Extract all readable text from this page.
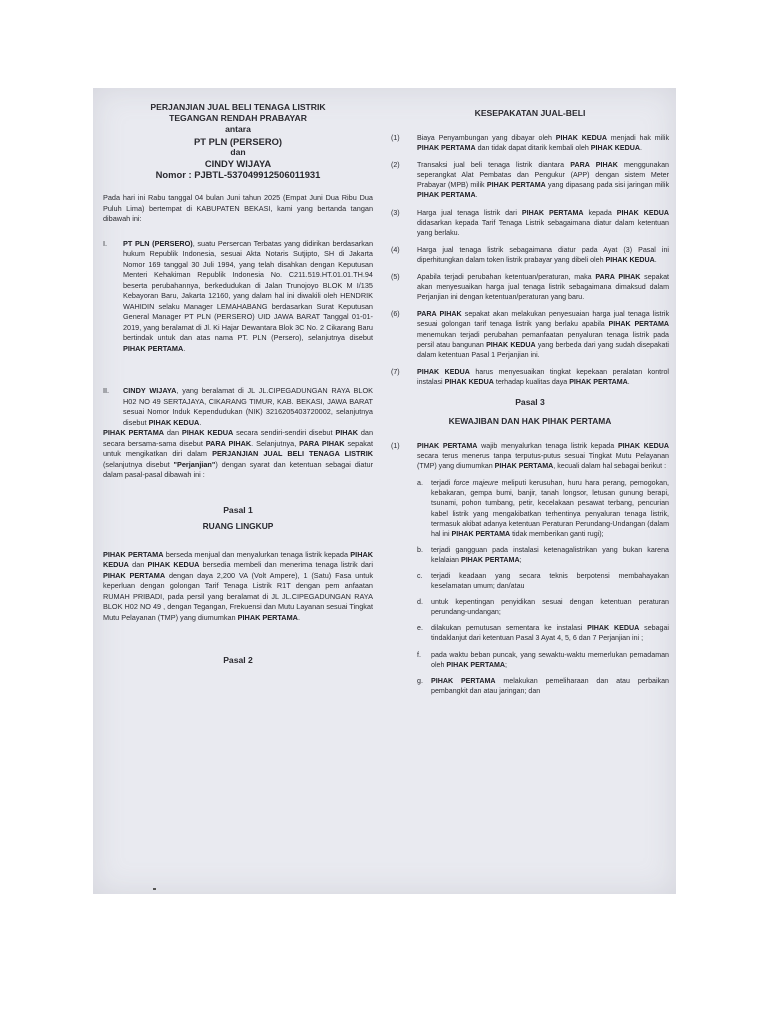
PERJANJIAN JUAL BELI TENAGA LISTRIK
TEGANGAN RENDAH PRABAYAR
antara
PT PLN (PERSERO)
dan
CINDY WIJAYA
Nomor : PJBTL-537049912506011931

Pada hari ini Rabu tanggal 04 bulan Juni tahun 2025 (Empat Juni Dua Ribu Dua Puluh Lima) bertempat di KABUPATEN BEKASI, kami yang bertanda tangan dibawah ini:

I.	PT PLN (PERSERO), suatu Persercan Terbatas yang didirikan berdasarkan hukum Republik Indonesia, sesuai Akta Notaris Sutjipto, SH di Jakarta Nomor 169 tanggal 30 Juli 1994, yang telah disahkan dengan Keputusan Menteri Kehakiman Republik Indonesia No. C211.519.HT.01.01.TH.94 beserta perubahannya, berkedudukan di Jalan Trunojoyo BLOK M I/135 Kebayoran Baru, Jakarta 12160, yang dalam hal ini diwakili oleh HENDRIK WAHIDIN selaku Manager LEMAHABANG berdasarkan Surat Keputusan General Manager PT PLN (PERSERO) UID JAWA BARAT Tanggal 01-01-2019, yang beralamat di Jl. Ki Hajar Dewantara Blok 3C No. 2 Cikarang Baru bertindak untuk dan atas nama PT. PLN (Persero), selanjutnya disebut PIHAK PERTAMA.
II.	CINDY WIJAYA, yang beralamat di JL JL.CIPEGADUNGAN RAYA BLOK H02 NO 49 SERTAJAYA, CIKARANG TIMUR, KAB. BEKASI, JAWA BARAT sesuai Nomor Induk Kependudukan (NIK) 3216205403720002, selanjutnya disebut PIHAK KEDUA.

PIHAK PERTAMA dan PIHAK KEDUA secara sendiri-sendiri disebut PIHAK dan secara bersama-sama disebut PARA PIHAK. Selanjutnya, PARA PIHAK sepakat untuk mengikatkan diri dalam PERJANJIAN JUAL BELI TENAGA LISTRIK (selanjutnya disebut "Perjanjian") dengan syarat dan ketentuan sebagai diatur dalam pasal-pasal dibawah ini :

Pasal 1
RUANG LINGKUP

PIHAK PERTAMA berseda menjual dan menyalurkan tenaga listrik kepada PIHAK KEDUA dan PIHAK KEDUA bersedia membeli dan menerima tenaga listrik dari PIHAK PERTAMA dengan daya 2,200 VA (Volt Ampere), 1 (Satu) Fasa untuk keperluan dengan golongan Tarif Tenaga Listrik R1T dengan pem anfaatan RUMAH PRIBADI, pada persil yang beralamat di JL JL.CIPEGADUNGAN RAYA BLOK H02 NO 49 , dengan Tegangan, Frekuensi dan Mutu Layanan sesuai Tingkat Mutu Pelayanan (TMP) yang diumumkan PIHAK PERTAMA.

Pasal 2
KESEPAKATAN JUAL-BELI
(1)	Biaya Penyambungan yang dibayar oleh PIHAK KEDUA menjadi hak milik PIHAK PERTAMA dan tidak dapat ditarik kembali oleh PIHAK KEDUA.
(2)	Transaksi jual beli tenaga listrik diantara PARA PIHAK menggunakan seperangkat Alat Pembatas dan Pengukur (APP) dengan sistem Meter Prabayar (MPB) milik PIHAK PERTAMA yang dipasang pada sisi jaringan milik PIHAK PERTAMA.
(3)	Harga jual tenaga listrik dari PIHAK PERTAMA kepada PIHAK KEDUA didasarkan kepada Tarif Tenaga Listrik sebagaimana diatur dalam ketentuan yang berlaku.
(4)	Harga jual tenaga listrik sebagaimana diatur pada Ayat (3) Pasal ini diperhitungkan dalam token listrik prabayar yang dibeli oleh PIHAK KEDUA.
(5)	Apabila terjadi perubahan ketentuan/peraturan, maka PARA PIHAK sepakat akan menyesuaikan harga jual tenaga listrik sebagaimana dimaksud dalam Perjanjian ini dengan ketentuan/peraturan yang baru.
(6)	PARA PIHAK sepakat akan melakukan penyesuaian harga jual tenaga listrik sesuai golongan tarif tenaga listrik yang berlaku apabila PIHAK PERTAMA menemukan terjadi perubahan pemanfaatan penyaluran tenaga listrik pada persil atau bangunan PIHAK KEDUA yang berbeda dari yang sudah disepakati dalam ketentuan Pasal 1 Perjanjian ini.
(7)	PIHAK KEDUA harus menyesuaikan tingkat kepekaan peralatan kontrol instalasi PIHAK KEDUA terhadap kualitas daya PIHAK PERTAMA.
Pasal 3
KEWAJIBAN DAN HAK PIHAK PERTAMA
(1)	PIHAK PERTAMA wajib menyalurkan tenaga listrik kepada PIHAK KEDUA secara terus menerus tanpa terputus-putus sesuai Tingkat Mutu Pelayanan (TMP) yang diumumkan PIHAK PERTAMA, kecuali dalam hal sebagai berikut :
a.	terjadi force majeure meliputi kerusuhan, huru hara perang, pemogokan, kebakaran, gempa bumi, banjir, tanah longsor, letusan gunung berapi, tsunami, pohon tumbang, petir, kecelakaan pesawat terbang, pencurian kabel listrik yang mengakibatkan terhentinya penyaluran tenaga listrik, termasuk akibat adanya ketentuan Peraturan Perundang-Undangan (dalam hal ini PIHAK PERTAMA tidak memberikan ganti rugi);
b.	terjadi gangguan pada instalasi ketenagalistrikan yang bukan karena kelalaian PIHAK PERTAMA;
c.	terjadi keadaan yang secara teknis berpotensi membahayakan keselamatan umum; dan/atau
d.	untuk kepentingan penyidikan sesuai dengan ketentuan peraturan perundang-undangan;
e.	dilakukan pemutusan sementara ke instalasi PIHAK KEDUA sebagai tindaklanjut dari ketentuan Pasal 3 Ayat 4, 5, 6 dan 7 Perjanjian ini ;
f.	pada waktu beban puncak, yang sewaktu-waktu memerlukan pemadaman oleh PIHAK PERTAMA;
g.	PIHAK PERTAMA melakukan pemeliharaan dan atau perbaikan pembangkit dan atau jaringan; dan
